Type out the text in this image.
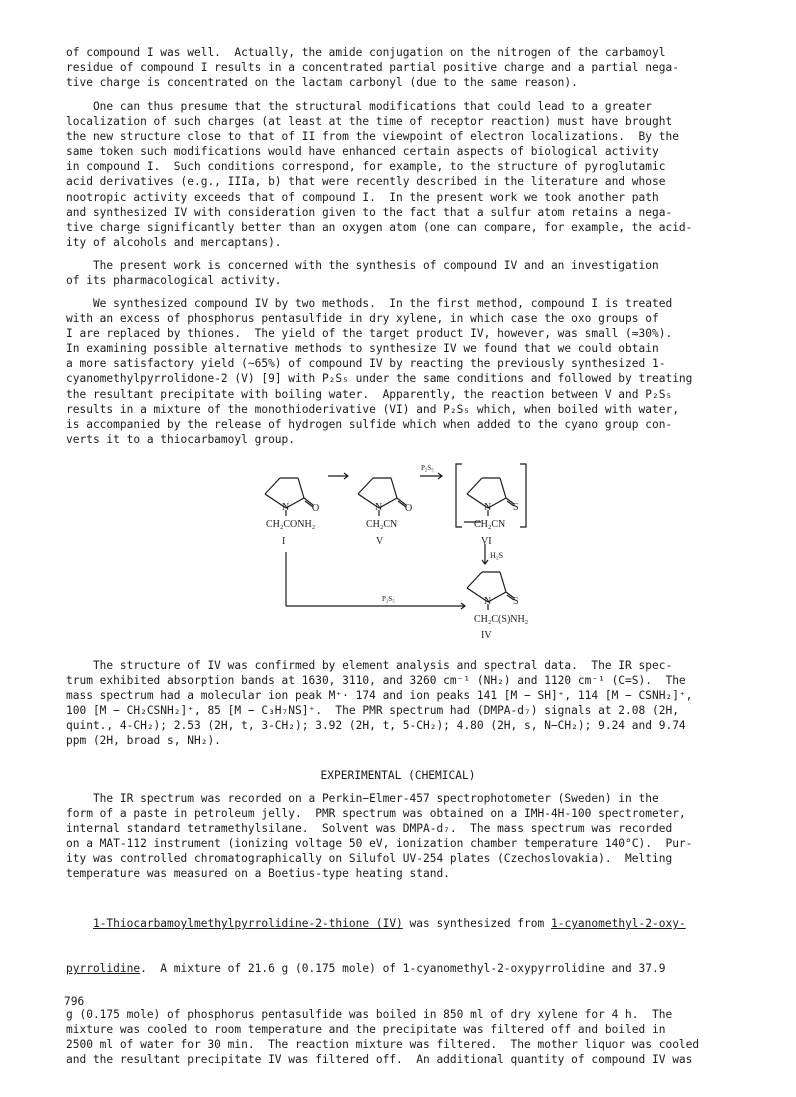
of compound I was well.  Actually, the amide conjugation on the nitrogen of the carbamoyl
residue of compound I results in a concentrated partial positive charge and a partial nega-
tive charge is concentrated on the lactam carbonyl (due to the same reason).
One can thus presume that the structural modifications that could lead to a greater
localization of such charges (at least at the time of receptor reaction) must have brought
the new structure close to that of II from the viewpoint of electron localizations.  By the
same token such modifications would have enhanced certain aspects of biological activity
in compound I.  Such conditions correspond, for example, to the structure of pyroglutamic
acid derivatives (e.g., IIIa, b) that were recently described in the literature and whose
nootropic activity exceeds that of compound I.  In the present work we took another path
and synthesized IV with consideration given to the fact that a sulfur atom retains a nega-
tive charge significantly better than an oxygen atom (one can compare, for example, the acid-
ity of alcohols and mercaptans).
The present work is concerned with the synthesis of compound IV and an investigation
of its pharmacological activity.
We synthesized compound IV by two methods.  In the first method, compound I is treated
with an excess of phosphorus pentasulfide in dry xylene, in which case the oxo groups of
I are replaced by thiones.  The yield of the target product IV, however, was small (≈30%).
In examining possible alternative methods to synthesize IV we found that we could obtain
a more satisfactory yield (~65%) of compound IV by reacting the previously synthesized 1-
cyanomethylpyrrolidone-2 (V) [9] with P₂S₅ under the same conditions and followed by treating
the resultant precipitate with boiling water.  Apparently, the reaction between V and P₂S₅
results in a mixture of the monothioderivative (VI) and P₂S₅ which, when boiled with water,
is accompanied by the release of hydrogen sulfide which when added to the cyano group con-
verts it to a thiocarbamoyl group.
N O
CH₂CONH₂
I
N O
CH₂CN
V
P₂S₅
N S
CH₂CN
VI
H₂S
P₂S₅	N S
CH₂C(S)NH₂
IV
The structure of IV was confirmed by element analysis and spectral data.  The IR spec-
trum exhibited absorption bands at 1630, 3110, and 3260 cm⁻¹ (NH₂) and 1120 cm⁻¹ (C=S).  The
mass spectrum had a molecular ion peak M⁺· 174 and ion peaks 141 [M − SH]⁺, 114 [M − CSNH₂]⁺,
100 [M − CH₂CSNH₂]⁺, 85 [M − C₃H₇NS]⁺.  The PMR spectrum had (DMPA-d₇) signals at 2.08 (2H,
quint., 4-CH₂); 2.53 (2H, t, 3-CH₂); 3.92 (2H, t, 5-CH₂); 4.80 (2H, s, N−CH₂); 9.24 and 9.74
ppm (2H, broad s, NH₂).
EXPERIMENTAL (CHEMICAL)
The IR spectrum was recorded on a Perkin−Elmer-457 spectrophotometer (Sweden) in the
form of a paste in petroleum jelly.  PMR spectrum was obtained on a IMH-4H-100 spectrometer,
internal standard tetramethylsilane.  Solvent was DMPA-d₇.  The mass spectrum was recorded
on a MAT-112 instrument (ionizing voltage 50 eV, ionization chamber temperature 140°C).  Pur-
ity was controlled chromatographically on Silufol UV-254 plates (Czechoslovakia).  Melting
temperature was measured on a Boetius-type heating stand.

1-Thiocarbamoylmethylpyrrolidine-2-thione (IV) was synthesized from 1-cyanomethyl-2-oxy-

pyrrolidine.  A mixture of 21.6 g (0.175 mole) of 1-cyanomethyl-2-oxypyrrolidine and 37.9

g (0.175 mole) of phosphorus pentasulfide was boiled in 850 ml of dry xylene for 4 h.  The
mixture was cooled to room temperature and the precipitate was filtered off and boiled in
2500 ml of water for 30 min.  The reaction mixture was filtered.  The mother liquor was cooled
and the resultant precipitate IV was filtered off.  An additional quantity of compound IV was

796
